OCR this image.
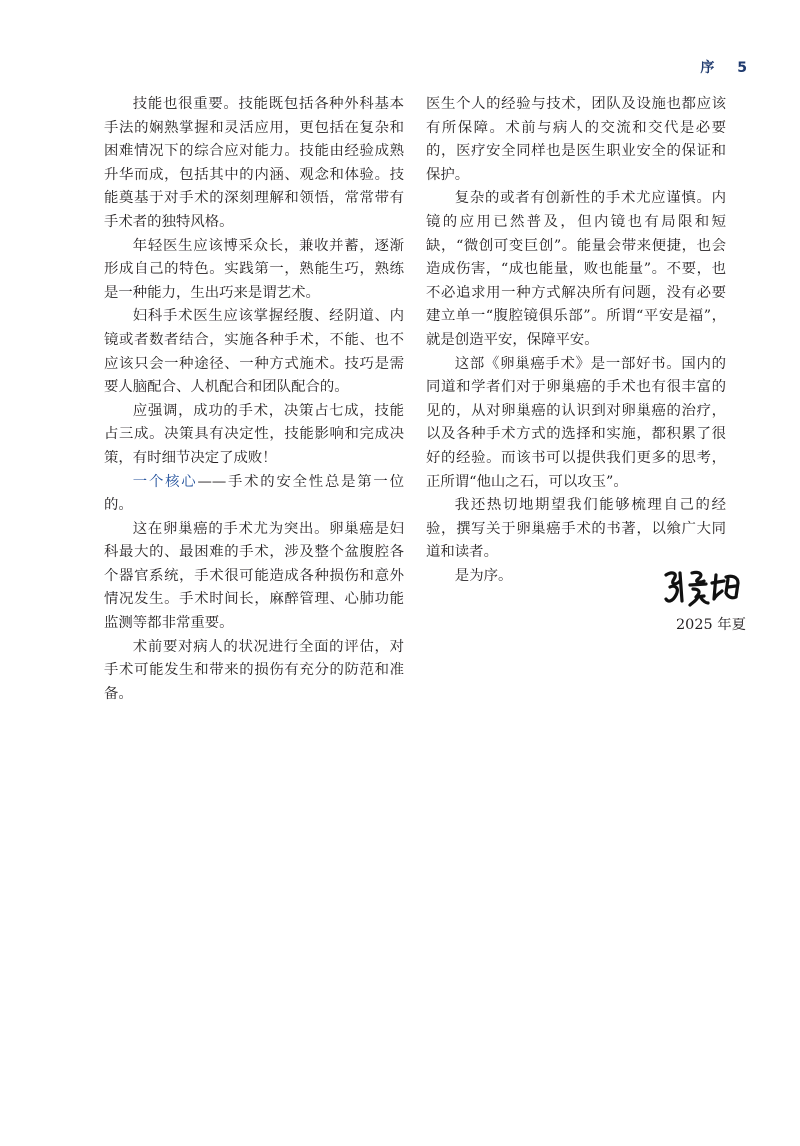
序 5

技能也很重要。技能既包括各种外科基本手法的娴熟掌握和灵活应用，更包括在复杂和困难情况下的综合应对能力。技能由经验成熟升华而成，包括其中的内涵、观念和体验。技能奠基于对手术的深刻理解和领悟，常常带有手术者的独特风格。

年轻医生应该博采众长，兼收并蓄，逐渐形成自己的特色。实践第一，熟能生巧，熟练是一种能力，生出巧来是谓艺术。

妇科手术医生应该掌握经腹、经阴道、内镜或者数者结合，实施各种手术，不能、也不应该只会一种途径、一种方式施术。技巧是需要人脑配合、人机配合和团队配合的。

应强调，成功的手术，决策占七成，技能占三成。决策具有决定性，技能影响和完成决策，有时细节决定了成败！

一个核心——手术的安全性总是第一位的。

这在卵巢癌的手术尤为突出。卵巢癌是妇科最大的、最困难的手术，涉及整个盆腹腔各个器官系统，手术很可能造成各种损伤和意外情况发生。手术时间长，麻醉管理、心肺功能监测等都非常重要。

术前要对病人的状况进行全面的评估，对手术可能发生和带来的损伤有充分的防范和准备。

医生个人的经验与技术，团队及设施也都应该有所保障。术前与病人的交流和交代是必要的，医疗安全同样也是医生职业安全的保证和保护。

复杂的或者有创新性的手术尤应谨慎。内镜的应用已然普及，但内镜也有局限和短缺，“微创可变巨创”。能量会带来便捷，也会造成伤害，“成也能量，败也能量”。不要，也不必追求用一种方式解决所有问题，没有必要建立单一“腹腔镜俱乐部”。所谓“平安是福”，就是创造平安，保障平安。

这部《卵巢癌手术》是一部好书。国内的同道和学者们对于卵巢癌的手术也有很丰富的见的，从对卵巢癌的认识到对卵巢癌的治疗，以及各种手术方式的选择和实施，都积累了很好的经验。而该书可以提供我们更多的思考，正所谓“他山之石，可以攻玉”。

我还热切地期望我们能够梳理自己的经验，撰写关于卵巢癌手术的书著，以飨广大同道和读者。

是为序。

2025 年夏
